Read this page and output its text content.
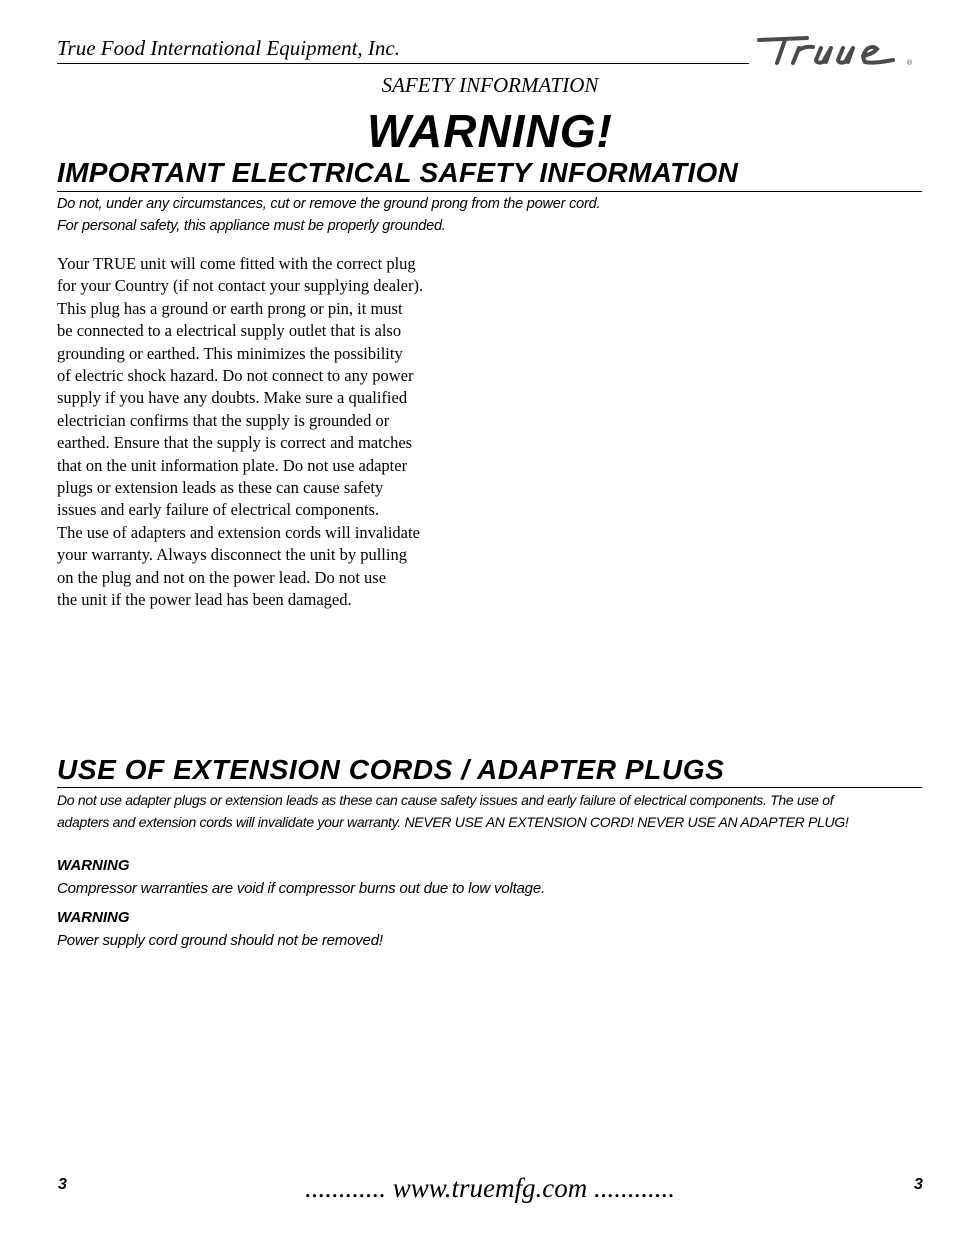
True Food International Equipment, Inc.
®
SAFETY INFORMATION
WARNING!
IMPORTANT ELECTRICAL SAFETY INFORMATION
Do not, under any circumstances, cut or remove the ground prong from the power cord.
For personal safety, this appliance must be properly grounded.
Your TRUE unit will come fitted with the correct plug
for your Country (if not contact your supplying dealer).
This plug has a ground or earth prong or pin, it must
be connected to a electrical supply outlet that is also
grounding or earthed. This minimizes the possibility
of electric shock hazard. Do not connect to any power
supply if you have any doubts. Make sure a qualified
electrician confirms that the supply is grounded or
earthed. Ensure that the supply is correct and matches
that on the unit information plate. Do not use adapter
plugs or extension leads as these can cause safety
issues and early failure of electrical components.
The use of adapters and extension cords will invalidate
your warranty. Always disconnect the unit by pulling
on the plug and not on the power lead. Do not use
the unit if the power lead has been damaged.
USE OF EXTENSION CORDS / ADAPTER PLUGS
Do not use adapter plugs or extension leads as these can cause safety issues and early failure of electrical components. The use of
adapters and extension cords will invalidate your warranty. NEVER USE AN EXTENSION CORD! NEVER USE AN ADAPTER PLUG!
WARNING
Compressor warranties are void if compressor burns out due to low voltage.
WARNING
Power supply cord ground should not be removed!
3	............ www.truemfg.com ............	3
